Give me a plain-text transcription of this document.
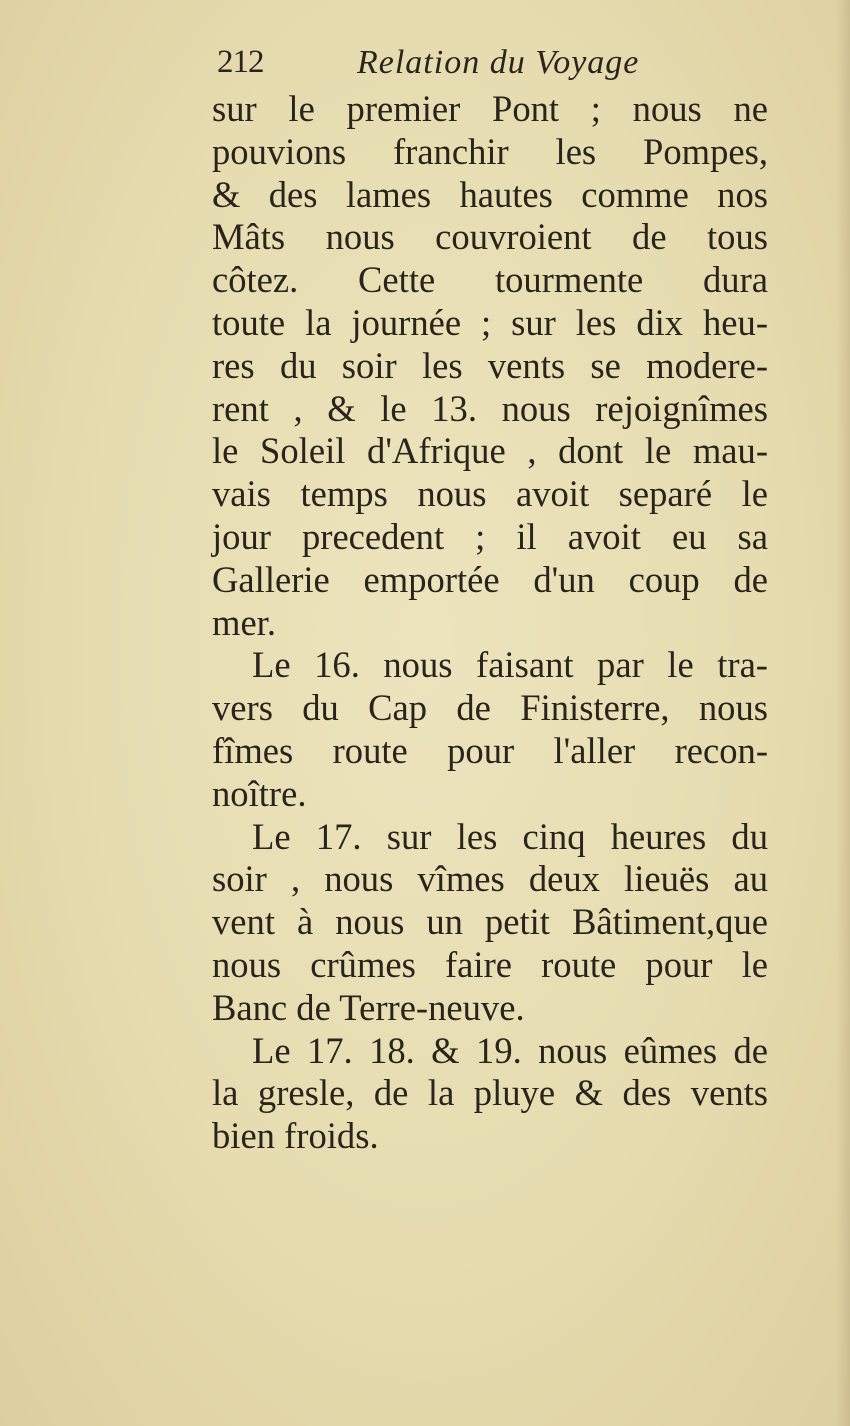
212	Relation du Voyage
sur le premier Pont ; nous ne
pouvions franchir les Pompes,
& des lames hautes comme nos
Mâts nous couvroient de tous
côtez. Cette tourmente dura
toute la journée ; sur les dix heu-
res du soir les vents se modere-
rent , & le 13. nous rejoignîmes
le Soleil d'Afrique , dont le mau-
vais temps nous avoit separé le
jour precedent ; il avoit eu sa
Gallerie emportée d'un coup de
mer.
Le 16. nous faisant par le tra-
vers du Cap de Finisterre, nous
fîmes route pour l'aller recon-
noître.
Le 17. sur les cinq heures du
soir , nous vîmes deux lieuës au
vent à nous un petit Bâtiment,que
nous crûmes faire route pour le
Banc de Terre-neuve.
Le 17. 18. & 19. nous eûmes de
la gresle, de la pluye & des vents
bien froids.
